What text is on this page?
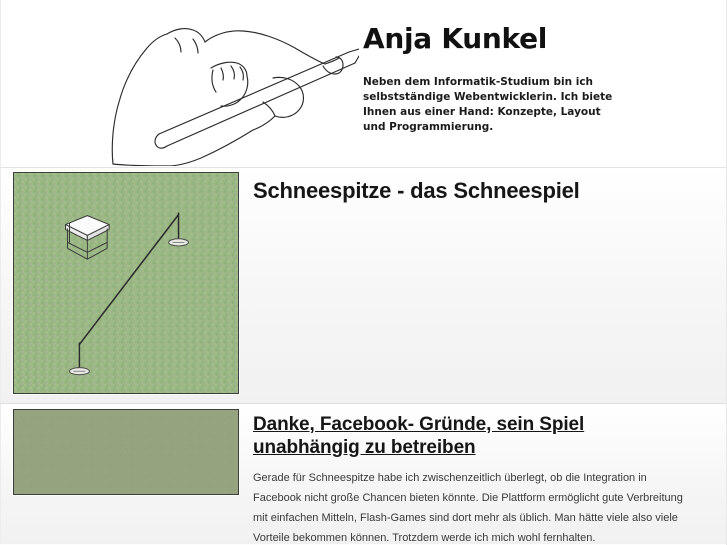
Anja Kunkel

Neben dem Informatik-Studium bin ich selbstständige Webentwicklerin. Ich biete Ihnen aus einer Hand: Konzepte, Layout und Programmierung.

Schneespitze - das Schneespiel
Danke, Facebook- Gründe, sein Spiel unabhängig zu betreiben

Gerade für Schneespitze habe ich zwischenzeitlich überlegt, ob die Integration in Facebook nicht große Chancen bieten könnte. Die Plattform ermöglicht gute Verbreitung mit einfachen Mitteln, Flash-Games sind dort mehr als üblich. Man hätte viele also viele Vorteile bekommen können. Trotzdem werde ich mich wohl fernhalten.
